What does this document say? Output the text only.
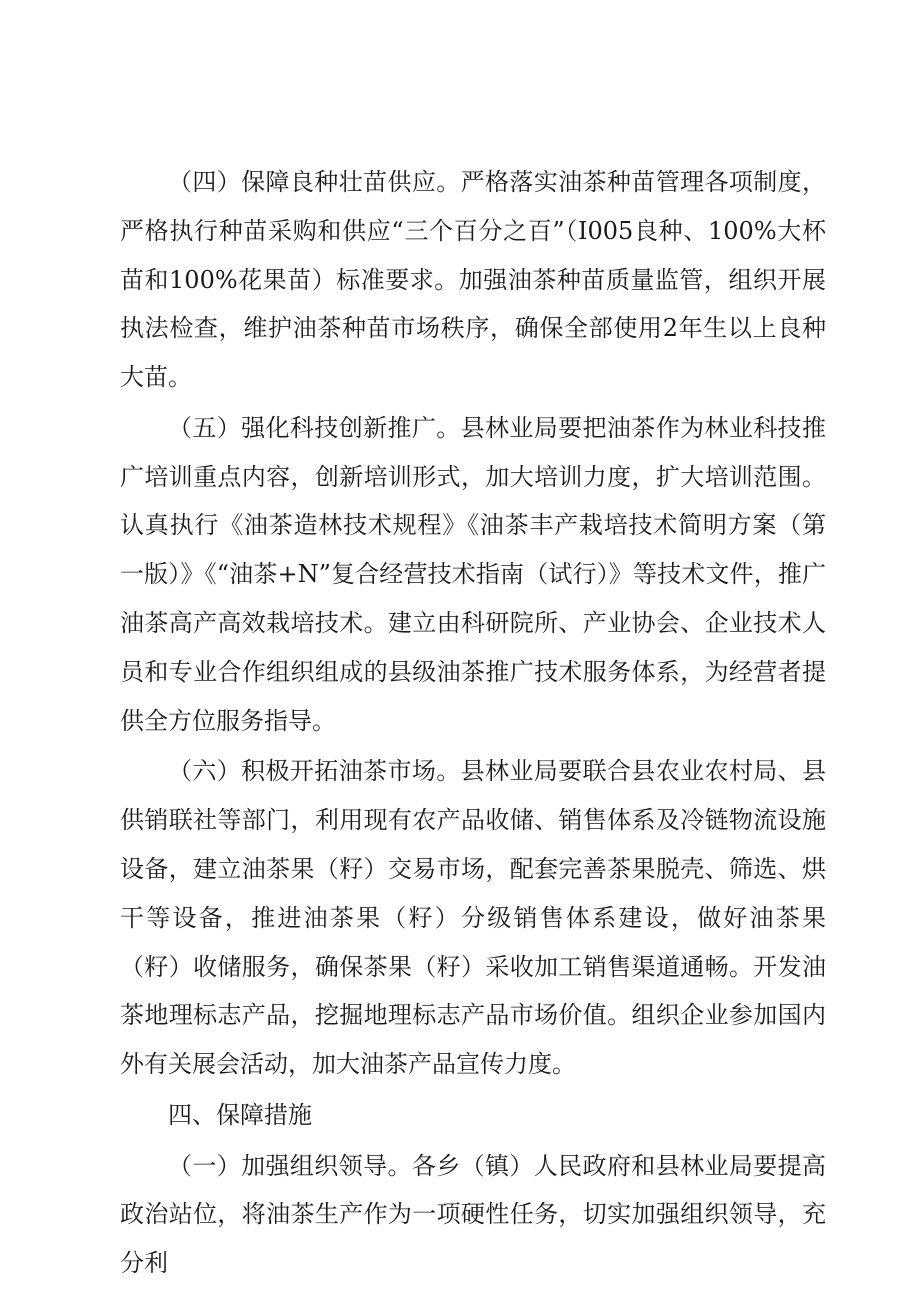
（四）保障良种壮苗供应。严格落实油茶种苗管理各项制度，严格执行种苗采购和供应“三个百分之百”（I005良种、100%大杯苗和100%花果苗）标准要求。加强油茶种苗质量监管，组织开展执法检查，维护油茶种苗市场秩序，确保全部使用2年生以上良种大苗。

（五）强化科技创新推广。县林业局要把油茶作为林业科技推广培训重点内容，创新培训形式，加大培训力度，扩大培训范围。认真执行《油茶造林技术规程》《油茶丰产栽培技术简明方案（第一版）》《“油茶+N”复合经营技术指南（试行）》等技术文件，推广油茶高产高效栽培技术。建立由科研院所、产业协会、企业技术人员和专业合作组织组成的县级油茶推广技术服务体系，为经营者提供全方位服务指导。

（六）积极开拓油茶市场。县林业局要联合县农业农村局、县供销联社等部门，利用现有农产品收储、销售体系及冷链物流设施设备，建立油茶果（籽）交易市场，配套完善茶果脱壳、筛选、烘干等设备，推进油茶果（籽）分级销售体系建设，做好油茶果（籽）收储服务，确保茶果（籽）采收加工销售渠道通畅。开发油茶地理标志产品，挖掘地理标志产品市场价值。组织企业参加国内外有关展会活动，加大油茶产品宣传力度。

四、保障措施

（一）加强组织领导。各乡（镇）人民政府和县林业局要提高政治站位，将油茶生产作为一项硬性任务，切实加强组织领导，充分利
